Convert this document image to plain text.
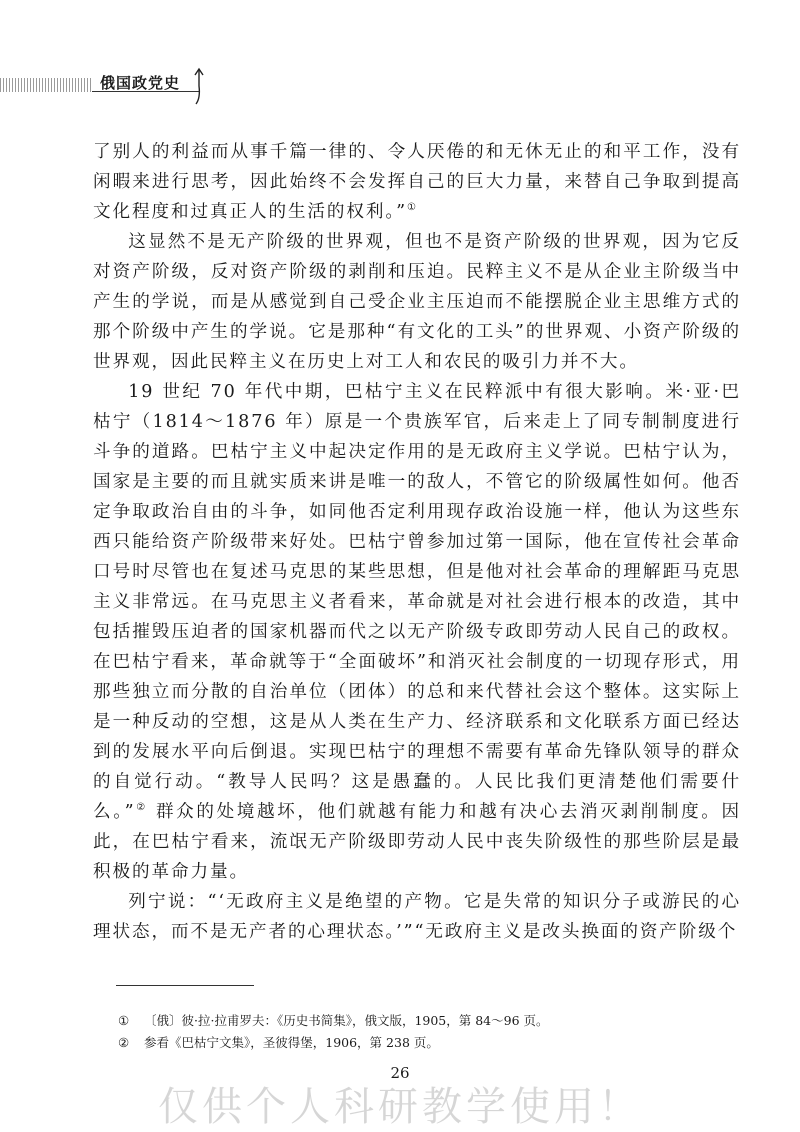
俄国政党史

了别人的利益而从事千篇一律的、令人厌倦的和无休无止的和平工作，没有闲暇来进行思考，因此始终不会发挥自己的巨大力量，来替自己争取到提高文化程度和过真正人的生活的权利。”①

这显然不是无产阶级的世界观，但也不是资产阶级的世界观，因为它反对资产阶级，反对资产阶级的剥削和压迫。民粹主义不是从企业主阶级当中产生的学说，而是从感觉到自己受企业主压迫而不能摆脱企业主思维方式的那个阶级中产生的学说。它是那种“有文化的工头”的世界观、小资产阶级的世界观，因此民粹主义在历史上对工人和农民的吸引力并不大。

19 世纪 70 年代中期，巴枯宁主义在民粹派中有很大影响。米·亚·巴枯宁（1814～1876 年）原是一个贵族军官，后来走上了同专制制度进行斗争的道路。巴枯宁主义中起决定作用的是无政府主义学说。巴枯宁认为，国家是主要的而且就实质来讲是唯一的敌人，不管它的阶级属性如何。他否定争取政治自由的斗争，如同他否定利用现存政治设施一样，他认为这些东西只能给资产阶级带来好处。巴枯宁曾参加过第一国际，他在宣传社会革命口号时尽管也在复述马克思的某些思想，但是他对社会革命的理解距马克思主义非常远。在马克思主义者看来，革命就是对社会进行根本的改造，其中包括摧毁压迫者的国家机器而代之以无产阶级专政即劳动人民自己的政权。在巴枯宁看来，革命就等于“全面破坏”和消灭社会制度的一切现存形式，用那些独立而分散的自治单位（团体）的总和来代替社会这个整体。这实际上是一种反动的空想，这是从人类在生产力、经济联系和文化联系方面已经达到的发展水平向后倒退。实现巴枯宁的理想不需要有革命先锋队领导的群众的自觉行动。“教导人民吗？这是愚蠢的。人民比我们更清楚他们需要什么。”② 群众的处境越坏，他们就越有能力和越有决心去消灭剥削制度。因此，在巴枯宁看来，流氓无产阶级即劳动人民中丧失阶级性的那些阶层是最积极的革命力量。

列宁说：“‘无政府主义是绝望的产物。它是失常的知识分子或游民的心理状态，而不是无产者的心理状态。’”“无政府主义是改头换面的资产阶级个

①	〔俄〕彼·拉·拉甫罗夫：《历史书简集》，俄文版，1905，第 84～96 页。
②	参看《巴枯宁文集》，圣彼得堡，1906，第 238 页。
26
仅供个人科研教学使用！
